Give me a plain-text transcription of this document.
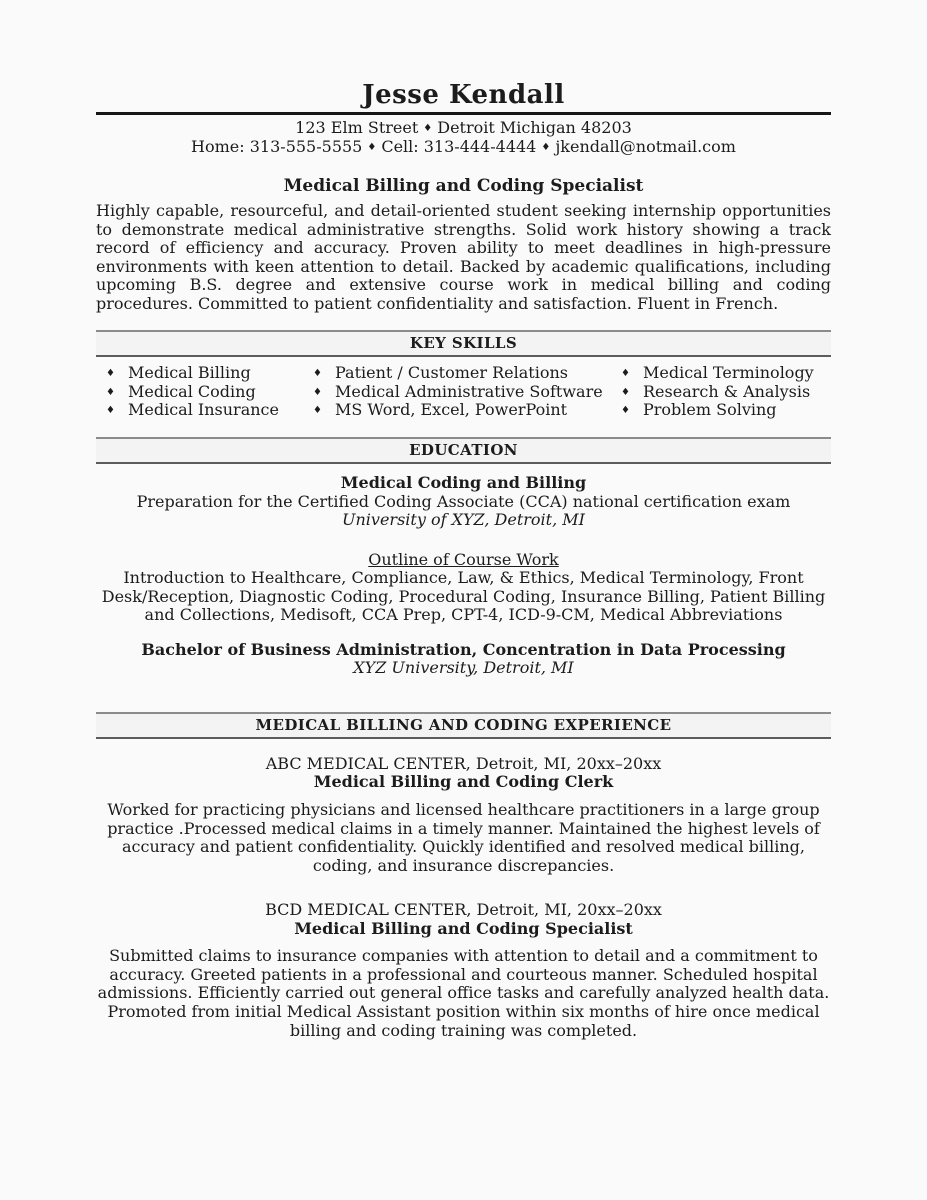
Jesse Kendall
123 Elm Street ♦ Detroit Michigan 48203
Home: 313-555-5555 ♦ Cell: 313-444-4444 ♦ jkendall@notmail.com
Medical Billing and Coding Specialist

Highly capable, resourceful, and detail-oriented student seeking internship opportunities to demonstrate medical administrative strengths. Solid work history showing a track record of efficiency and accuracy. Proven ability to meet deadlines in high-pressure environments with keen attention to detail. Backed by academic qualifications, including upcoming B.S. degree and extensive course work in medical billing and coding procedures. Committed to patient confidentiality and satisfaction. Fluent in French.

KEY SKILLS
♦ Medical Billing	♦ Patient / Customer Relations	♦ Medical Terminology
♦ Medical Coding	♦ Medical Administrative Software ♦ Research & Analysis
♦ Medical Insurance	♦ MS Word, Excel, PowerPoint	♦ Problem Solving
EDUCATION
Medical Coding and Billing
Preparation for the Certified Coding Associate (CCA) national certification exam
University of XYZ, Detroit, MI
Outline of Course Work
Introduction to Healthcare, Compliance, Law, & Ethics, Medical Terminology, Front Desk/Reception, Diagnostic Coding, Procedural Coding, Insurance Billing, Patient Billing and Collections, Medisoft, CCA Prep, CPT-4, ICD-9-CM, Medical Abbreviations
Bachelor of Business Administration, Concentration in Data Processing
XYZ University, Detroit, MI
MEDICAL BILLING AND CODING EXPERIENCE
ABC MEDICAL CENTER, Detroit, MI, 20xx–20xx
Medical Billing and Coding Clerk

Worked for practicing physicians and licensed healthcare practitioners in a large group practice .Processed medical claims in a timely manner. Maintained the highest levels of accuracy and patient confidentiality. Quickly identified and resolved medical billing, coding, and insurance discrepancies.

BCD MEDICAL CENTER, Detroit, MI, 20xx–20xx
Medical Billing and Coding Specialist

Submitted claims to insurance companies with attention to detail and a commitment to accuracy. Greeted patients in a professional and courteous manner. Scheduled hospital admissions. Efficiently carried out general office tasks and carefully analyzed health data. Promoted from initial Medical Assistant position within six months of hire once medical billing and coding training was completed.
